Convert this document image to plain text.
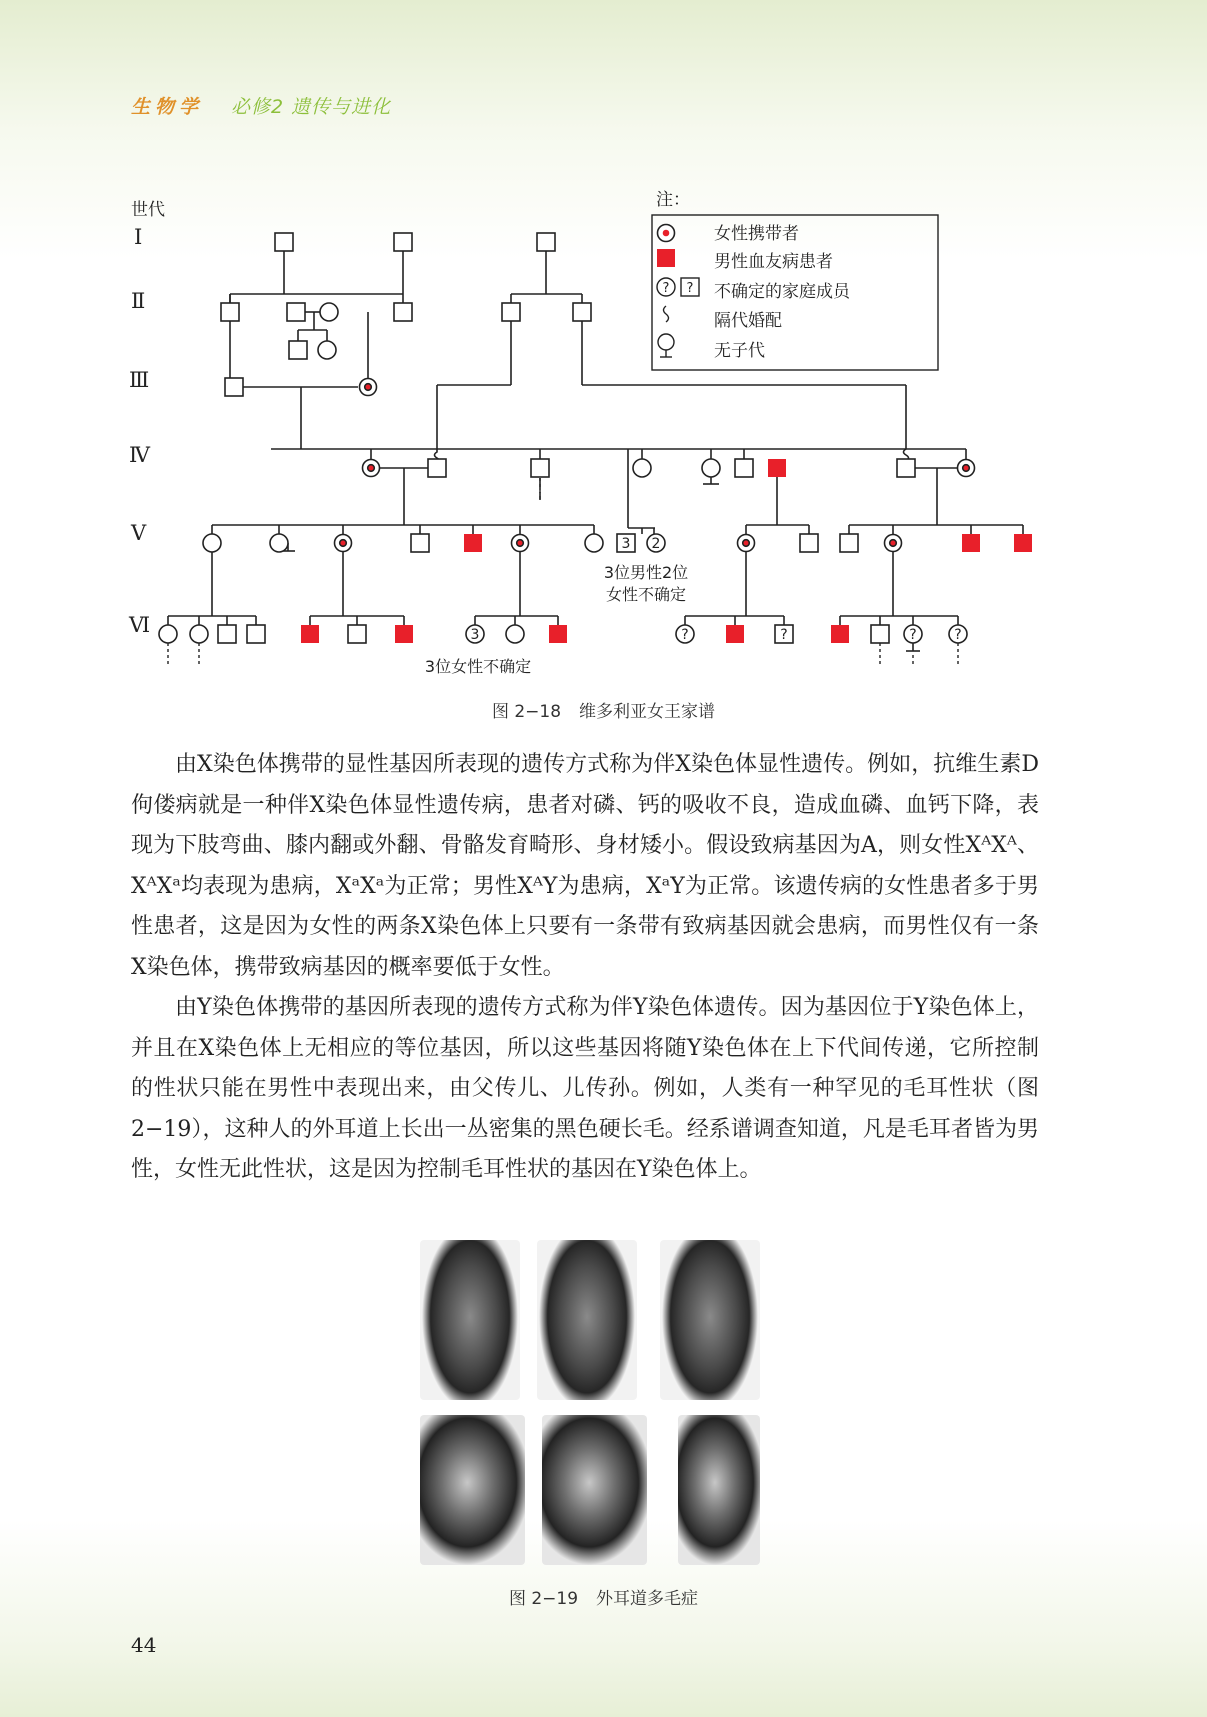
生物学 必修2 遗传与进化
世代
Ⅰ
Ⅱ
Ⅲ
Ⅳ
Ⅴ
Ⅵ
3 2
3	?	?	?	?
3位男性2位
女性不确定
3位女性不确定
注：
? ?
女性携带者
男性血友病患者
不确定的家庭成员
隔代婚配
无子代
图 2−18 维多利亚女王家谱

由X染色体携带的显性基因所表现的遗传方式称为伴X染色体显性遗传。例如，抗维生素D佝偻病就是一种伴X染色体显性遗传病，患者对磷、钙的吸收不良，造成血磷、血钙下降，表现为下肢弯曲、膝内翻或外翻、骨骼发育畸形、身材矮小。假设致病基因为A，则女性XᴬXᴬ、XᴬXᵃ均表现为患病，XᵃXᵃ为正常；男性XᴬY为患病，XᵃY为正常。该遗传病的女性患者多于男性患者，这是因为女性的两条X染色体上只要有一条带有致病基因就会患病，而男性仅有一条X染色体，携带致病基因的概率要低于女性。

由Y染色体携带的基因所表现的遗传方式称为伴Y染色体遗传。因为基因位于Y染色体上，并且在X染色体上无相应的等位基因，所以这些基因将随Y染色体在上下代间传递，它所控制的性状只能在男性中表现出来，由父传儿、儿传孙。例如，人类有一种罕见的毛耳性状（图2−19），这种人的外耳道上长出一丛密集的黑色硬长毛。经系谱调查知道，凡是毛耳者皆为男性，女性无此性状，这是因为控制毛耳性状的基因在Y染色体上。

图 2−19 外耳道多毛症
44
